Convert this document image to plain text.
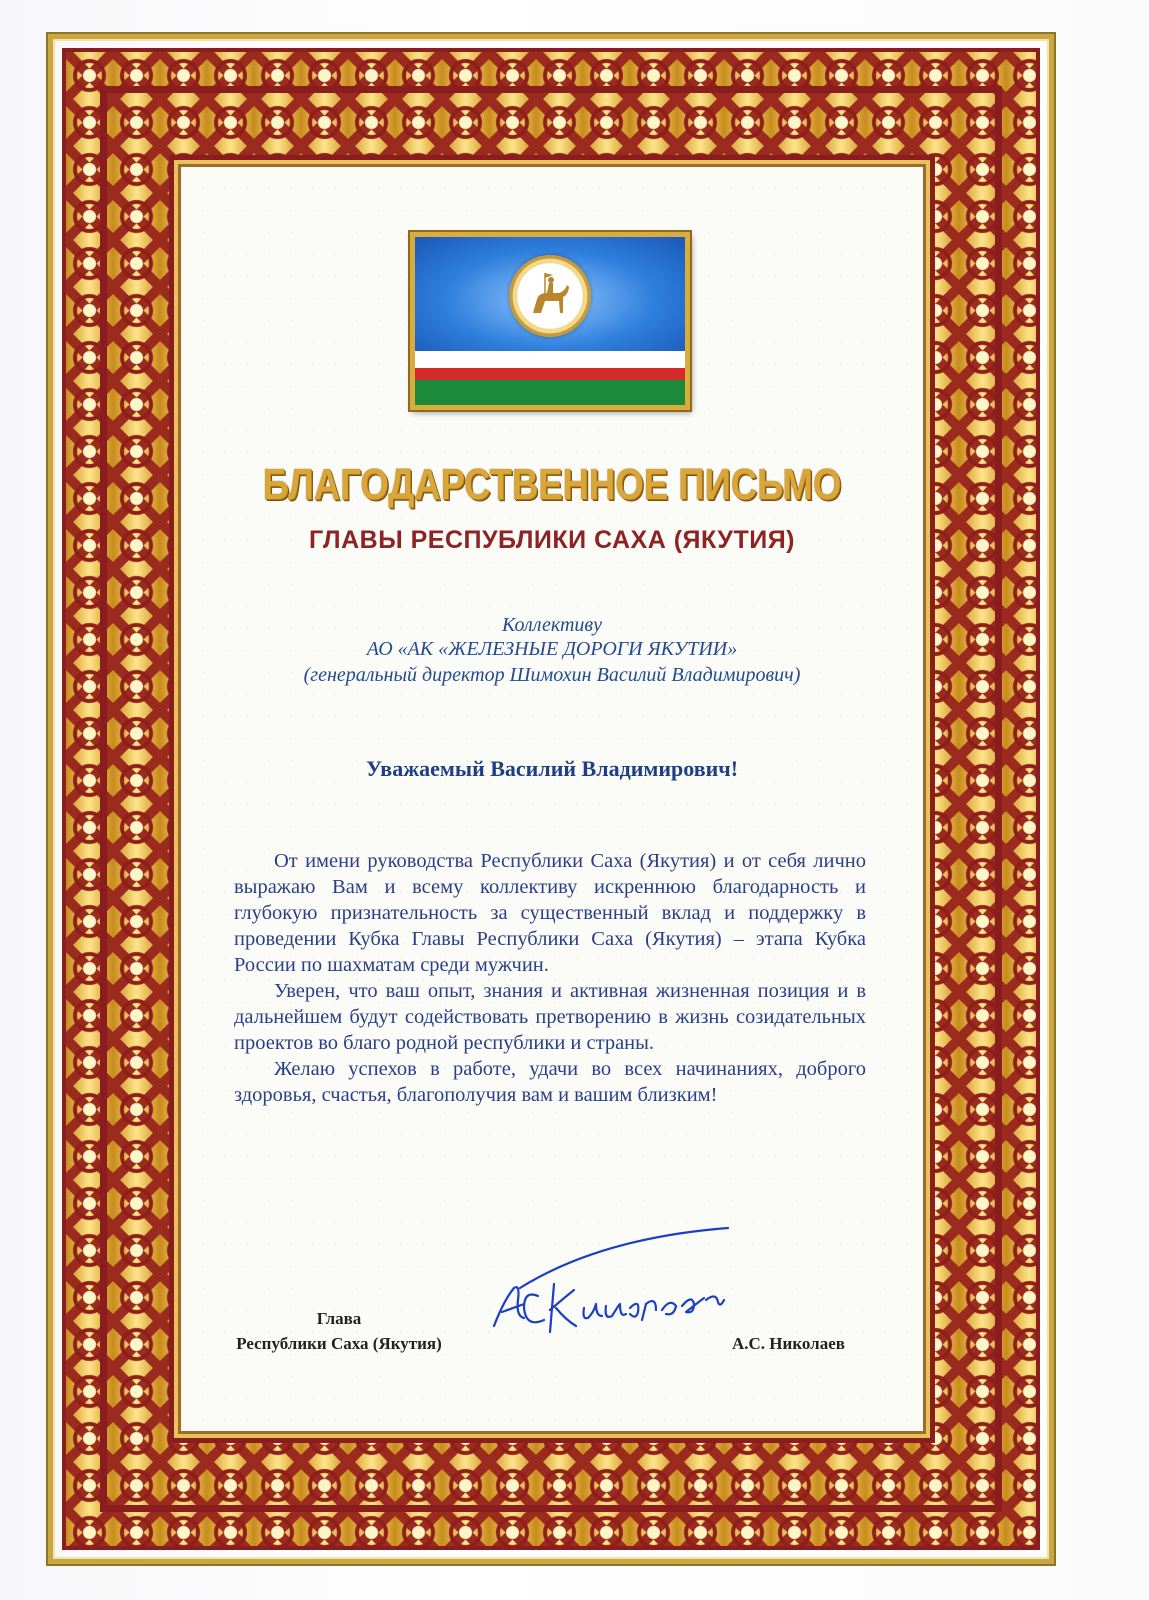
БЛАГОДАРСТВЕННОЕ ПИСЬМО
ГЛАВЫ РЕСПУБЛИКИ САХА (ЯКУТИЯ)

Коллективу

АО «АК «ЖЕЛЕЗНЫЕ ДОРОГИ ЯКУТИИ»

(генеральный директор Шимохин Василий Владимирович)

Уважаемый Василий Владимирович!

От имени руководства Республики Саха (Якутия) и от себя лично выражаю Вам и всему коллективу искреннюю благодарность и глубокую признательность за существенный вклад и поддержку в проведении Кубка Главы Республики Саха (Якутия) – этапа Кубка России по шахматам среди мужчин.

Уверен, что ваш опыт, знания и активная жизненная позиция и в дальнейшем будут содействовать претворению в жизнь созидательных проектов во благо родной республики и страны.

Желаю успехов в работе, удачи во всех начинаниях, доброго здоровья, счастья, благополучия вам и вашим близким!

Глава
Республики Саха (Якутия)	А.С. Николаев
